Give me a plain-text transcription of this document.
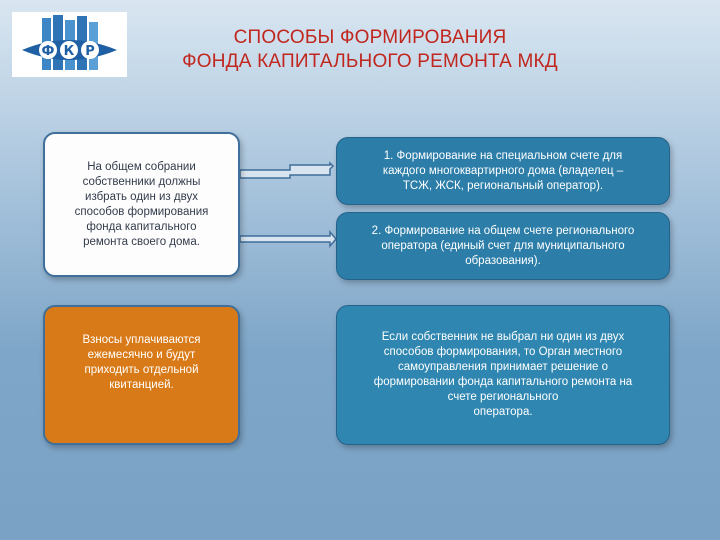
Ф К Р
СПОСОБЫ ФОРМИРОВАНИЯ
ФОНДА КАПИТАЛЬНОГО РЕМОНТА МКД
На общем собрании
собственники должны
избрать один из двух
способов формирования
фонда капитального
ремонта своего дома.
1. Формирование на специальном счете для
каждого многоквартирного дома (владелец –
ТСЖ, ЖСК, региональный оператор).
2. Формирование на общем счете регионального
оператора (единый счет для муниципального
образования).
Взносы уплачиваются
ежемесячно и будут
приходить отдельной
квитанцией.
Если собственник не выбрал ни один из двух
способов формирования, то Орган местного
самоуправления принимает решение о
формировании фонда капитального ремонта на
счете регионального
оператора.
